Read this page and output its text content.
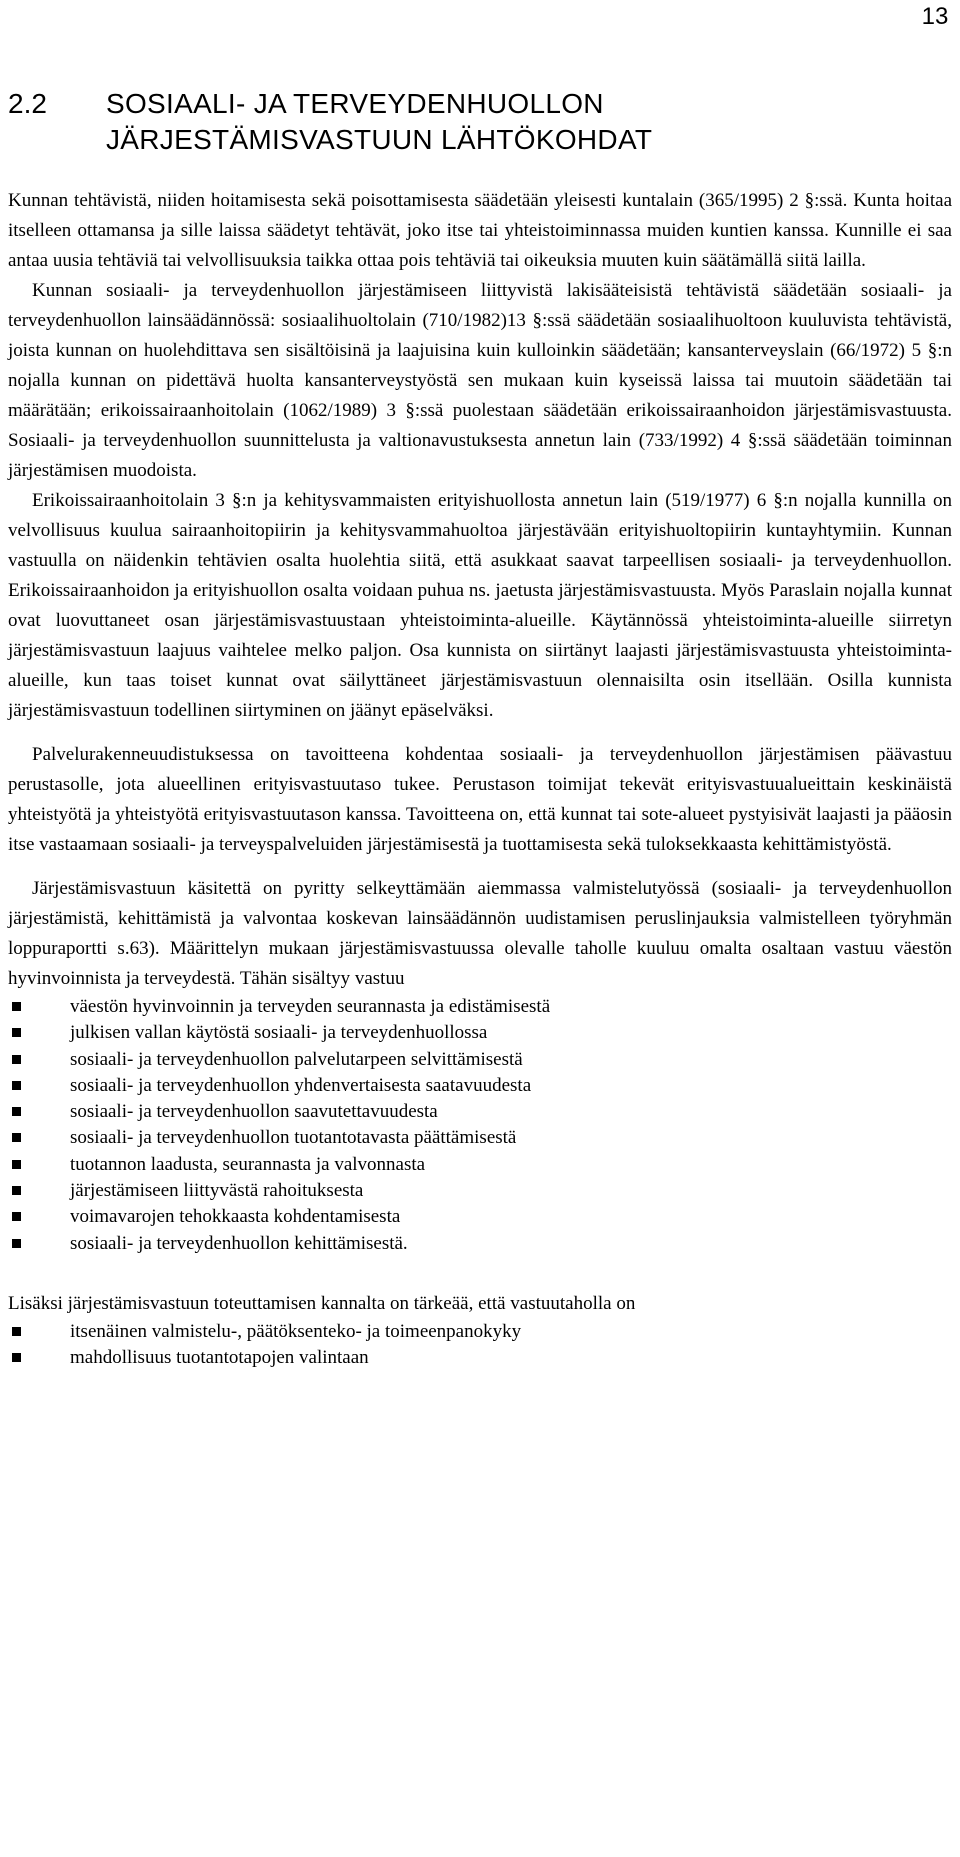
13
2.2 SOSIAALI- JA TERVEYDENHUOLLON
JÄRJESTÄMISVASTUUN LÄHTÖKOHDAT

Kunnan tehtävistä, niiden hoitamisesta sekä poisottamisesta säädetään yleisesti kuntalain (365/1995) 2 §:ssä. Kunta hoitaa itselleen ottamansa ja sille laissa säädetyt tehtävät, joko itse tai yhteistoiminnassa muiden kuntien kanssa. Kunnille ei saa antaa uusia tehtäviä tai velvollisuuksia taikka ottaa pois tehtäviä tai oikeuksia muuten kuin säätämällä siitä lailla.

Kunnan sosiaali- ja terveydenhuollon järjestämiseen liittyvistä lakisääteisistä tehtävistä säädetään sosiaali- ja terveydenhuollon lainsäädännössä: sosiaalihuoltolain (710/1982)13 §:ssä säädetään sosiaalihuoltoon kuuluvista tehtävistä, joista kunnan on huolehdittava sen sisältöisinä ja laajuisina kuin kulloinkin säädetään; kansanterveyslain (66/1972) 5 §:n nojalla kunnan on pidettävä huolta kansanterveystyöstä sen mukaan kuin kyseissä laissa tai muutoin säädetään tai määrätään; erikoissairaanhoitolain (1062/1989) 3 §:ssä puolestaan säädetään erikoissairaanhoidon järjestämisvastuusta. Sosiaali- ja terveydenhuollon suunnittelusta ja valtionavustuksesta annetun lain (733/1992) 4 §:ssä säädetään toiminnan järjestämisen muodoista.

Erikoissairaanhoitolain 3 §:n ja kehitysvammaisten erityishuollosta annetun lain (519/1977) 6 §:n nojalla kunnilla on velvollisuus kuulua sairaanhoitopiirin ja kehitysvammahuoltoa järjestävään erityishuoltopiirin kuntayhtymiin. Kunnan vastuulla on näidenkin tehtävien osalta huolehtia siitä, että asukkaat saavat tarpeellisen sosiaali- ja terveydenhuollon. Erikoissairaanhoidon ja erityishuollon osalta voidaan puhua ns. jaetusta järjestämisvastuusta. Myös Paraslain nojalla kunnat ovat luovuttaneet osan järjestämisvastuustaan yhteistoiminta-alueille. Käytännössä yhteistoiminta-alueille siirretyn järjestämisvastuun laajuus vaihtelee melko paljon. Osa kunnista on siirtänyt laajasti järjestämisvastuusta yhteistoiminta-alueille, kun taas toiset kunnat ovat säilyttäneet järjestämisvastuun olennaisilta osin itsellään. Osilla kunnista järjestämisvastuun todellinen siirtyminen on jäänyt epäselväksi.

Palvelurakenneuudistuksessa on tavoitteena kohdentaa sosiaali- ja terveydenhuollon järjestämisen päävastuu perustasolle, jota alueellinen erityisvastuutaso tukee. Perustason toimijat tekevät erityisvastuualueittain keskinäistä yhteistyötä ja yhteistyötä erityisvastuutason kanssa. Tavoitteena on, että kunnat tai sote-alueet pystyisivät laajasti ja pääosin itse vastaamaan sosiaali- ja terveyspalveluiden järjestämisestä ja tuottamisesta sekä tuloksekkaasta kehittämistyöstä.

Järjestämisvastuun käsitettä on pyritty selkeyttämään aiemmassa valmistelutyössä (sosiaali- ja terveydenhuollon järjestämistä, kehittämistä ja valvontaa koskevan lainsäädännön uudistamisen peruslinjauksia valmistelleen työryhmän loppuraportti s.63). Määrittelyn mukaan järjestämisvastuussa olevalle taholle kuuluu omalta osaltaan vastuu väestön hyvinvoinnista ja terveydestä. Tähän sisältyy vastuu

väestön hyvinvoinnin ja terveyden seurannasta ja edistämisestä
julkisen vallan käytöstä sosiaali- ja terveydenhuollossa
sosiaali- ja terveydenhuollon palvelutarpeen selvittämisestä
sosiaali- ja terveydenhuollon yhdenvertaisesta saatavuudesta
sosiaali- ja terveydenhuollon saavutettavuudesta
sosiaali- ja terveydenhuollon tuotantotavasta päättämisestä
tuotannon laadusta, seurannasta ja valvonnasta
järjestämiseen liittyvästä rahoituksesta
voimavarojen tehokkaasta kohdentamisesta
sosiaali- ja terveydenhuollon kehittämisestä.

Lisäksi järjestämisvastuun toteuttamisen kannalta on tärkeää, että vastuutaholla on

itsenäinen valmistelu-, päätöksenteko- ja toimeenpanokyky
mahdollisuus tuotantotapojen valintaan
